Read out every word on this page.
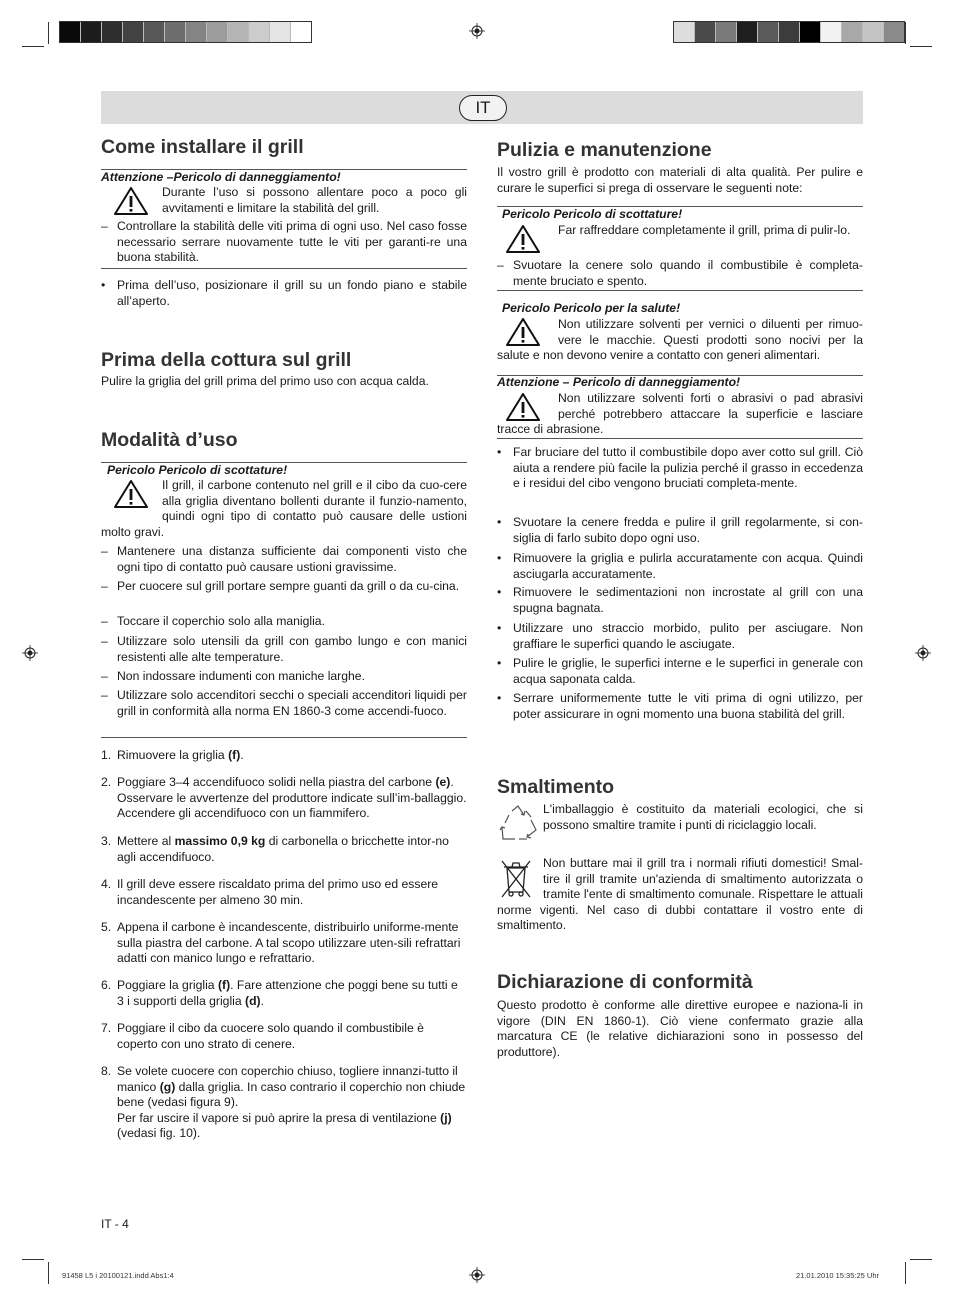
IT
Come installare il grill
Attenzione –Pericolo di danneggiamento!
Durante l’uso si possono allentare poco a poco gli avvitamenti e limitare la stabilità del grill.
– Controllare la stabilità delle viti prima di ogni uso. Nel caso fosse necessario serrare nuovamente tutte le viti per garanti-re una buona stabilità.
• Prima dell’uso, posizionare il grill su un fondo piano e stabile all’aperto.
Prima della cottura sul grill
Pulire la griglia del grill prima del primo uso con acqua calda.
Modalità d’uso
Pericolo Pericolo di scottature!
Il grill, il carbone contenuto nel grill e il cibo da cuo-cere alla griglia diventano bollenti durante il funzio-namento, quindi ogni tipo di contatto può causare delle ustioni molto gravi.
– Mantenere una distanza sufficiente dai componenti visto che ogni tipo di contatto può causare ustioni gravissime.
– Per cuocere sul grill portare sempre guanti da grill o da cu-cina.
– Toccare il coperchio solo alla maniglia.
– Utilizzare solo utensili da grill con gambo lungo e con manici resistenti alle alte temperature.
– Non indossare indumenti con maniche larghe.
– Utilizzare solo accenditori secchi o speciali accenditori liquidi per grill in conformità alla norma EN 1860-3 come accendi-fuoco.
1. Rimuovere la griglia (f).
2. Poggiare 3–4 accendifuoco solidi nella piastra del carbone (e). Osservare le avvertenze del produttore indicate sull’im-ballaggio. Accendere gli accendifuoco con un fiammifero.
3. Mettere al massimo 0,9 kg di carbonella o bricchette intor-no agli accendifuoco.
4. Il grill deve essere riscaldato prima del primo uso ed essere incandescente per almeno 30 min.
5. Appena il carbone è incandescente, distribuirlo uniforme-mente sulla piastra del carbone. A tal scopo utilizzare uten-sili refrattari adatti con manico lungo e refrattario.
6. Poggiare la griglia (f). Fare attenzione che poggi bene su tutti e 3 i supporti della griglia (d).
7. Poggiare il cibo da cuocere solo quando il combustibile è coperto con uno strato di cenere.
8. Se volete cuocere con coperchio chiuso, togliere innanzi-tutto il manico (g) dalla griglia. In caso contrario il coperchio non chiude bene (vedasi figura 9).
Per far uscire il vapore si può aprire la presa di ventilazione (j) (vedasi fig. 10).
Pulizia e manutenzione
Il vostro grill è prodotto con materiali di alta qualità. Per pulire e curare le superfici si prega di osservare le seguenti note:
Pericolo Pericolo di scottature!
Far raffreddare completamente il grill, prima di pulir-lo.
– Svuotare la cenere solo quando il combustibile è completa-mente bruciato e spento.
Pericolo Pericolo per la salute!
Non utilizzare solventi per vernici o diluenti per rimuo-vere le macchie. Questi prodotti sono nocivi per la salute e non devono venire a contatto con generi alimentari.
Attenzione – Pericolo di danneggiamento!
Non utilizzare solventi forti o abrasivi o pad abrasivi perché potrebbero attaccare la superficie e lasciare tracce di abrasione.
• Far bruciare del tutto il combustibile dopo aver cotto sul grill. Ciò aiuta a rendere più facile la pulizia perché il grasso in eccedenza e i residui del cibo vengono bruciati completa-mente.
• Svuotare la cenere fredda e pulire il grill regolarmente, si con-siglia di farlo subito dopo ogni uso.
• Rimuovere la griglia e pulirla accuratamente con acqua. Quindi asciugarla accuratamente.
• Rimuovere le sedimentazioni non incrostate al grill con una spugna bagnata.
• Utilizzare uno straccio morbido, pulito per asciugare. Non graffiare le superfici quando le asciugate.
• Pulire le griglie, le superfici interne e le superfici in generale con acqua saponata calda.
• Serrare uniformemente tutte le viti prima di ogni utilizzo, per poter assicurare in ogni momento una buona stabilità del grill.
Smaltimento
L'imballaggio è costituito da materiali ecologici, che si possono smaltire tramite i punti di riciclaggio locali.
Non buttare mai il grill tra i normali rifiuti domestici! Smal-tire il grill tramite un'azienda di smaltimento autorizzata o tramite l'ente di smaltimento comunale. Rispettare le attuali norme vigenti. Nel caso di dubbi contattare il vostro ente di smaltimento.
Dichiarazione di conformità
Questo prodotto è conforme alle direttive europee e naziona-li in vigore (DIN EN 1860-1). Ciò viene confermato grazie alla marcatura CE (le relative dichiarazioni sono in possesso del produttore).
IT - 4
91458 L5 i 20100121.indd Abs1:4	21.01.2010 15:35:25 Uhr
